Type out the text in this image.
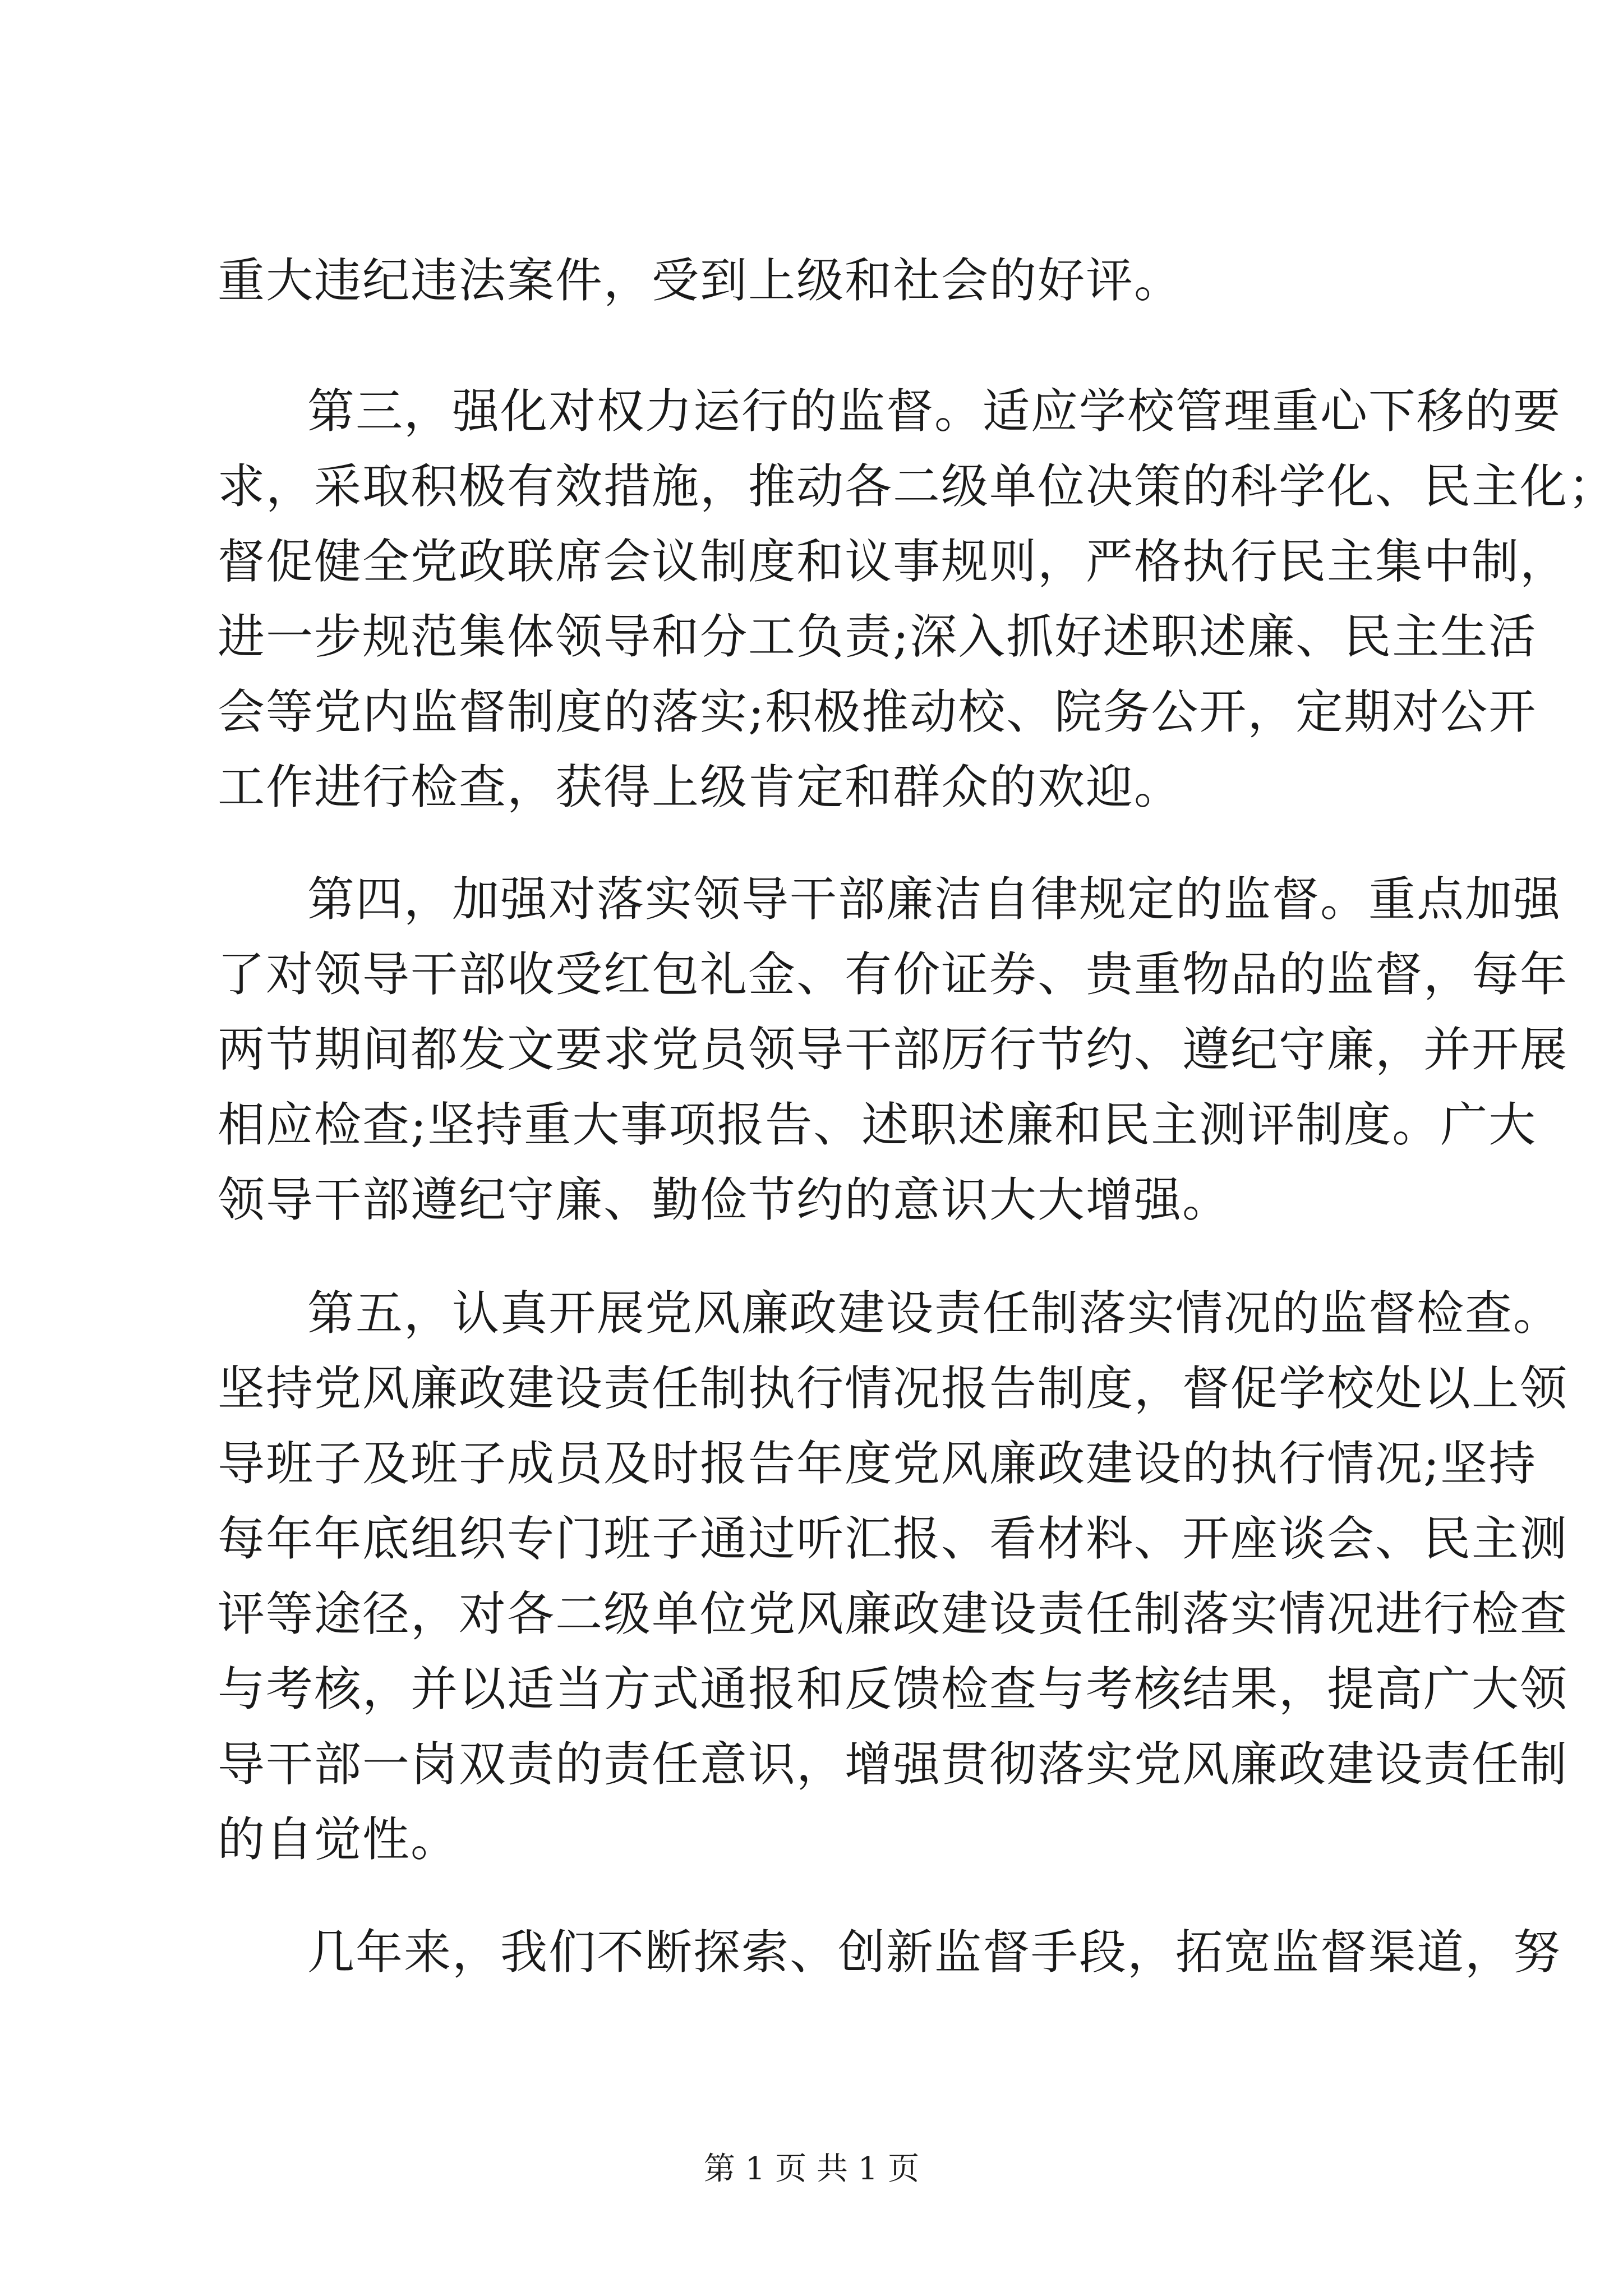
重大违纪违法案件，受到上级和社会的好评。
第三，强化对权力运行的监督。适应学校管理重心下移的要
求，采取积极有效措施，推动各二级单位决策的科学化、民主化；
督促健全党政联席会议制度和议事规则，严格执行民主集中制，
进一步规范集体领导和分工负责;深入抓好述职述廉、民主生活
会等党内监督制度的落实;积极推动校、院务公开，定期对公开
工作进行检查，获得上级肯定和群众的欢迎。
第四，加强对落实领导干部廉洁自律规定的监督。重点加强
了对领导干部收受红包礼金、有价证券、贵重物品的监督，每年
两节期间都发文要求党员领导干部厉行节约、遵纪守廉，并开展
相应检查;坚持重大事项报告、述职述廉和民主测评制度。广大
领导干部遵纪守廉、勤俭节约的意识大大增强。
第五，认真开展党风廉政建设责任制落实情况的监督检查。
坚持党风廉政建设责任制执行情况报告制度，督促学校处以上领
导班子及班子成员及时报告年度党风廉政建设的执行情况;坚持
每年年底组织专门班子通过听汇报、看材料、开座谈会、民主测
评等途径，对各二级单位党风廉政建设责任制落实情况进行检查
与考核，并以适当方式通报和反馈检查与考核结果，提高广大领
导干部一岗双责的责任意识，增强贯彻落实党风廉政建设责任制
的自觉性。
几年来，我们不断探索、创新监督手段，拓宽监督渠道，努
第 1 页 共 1 页
